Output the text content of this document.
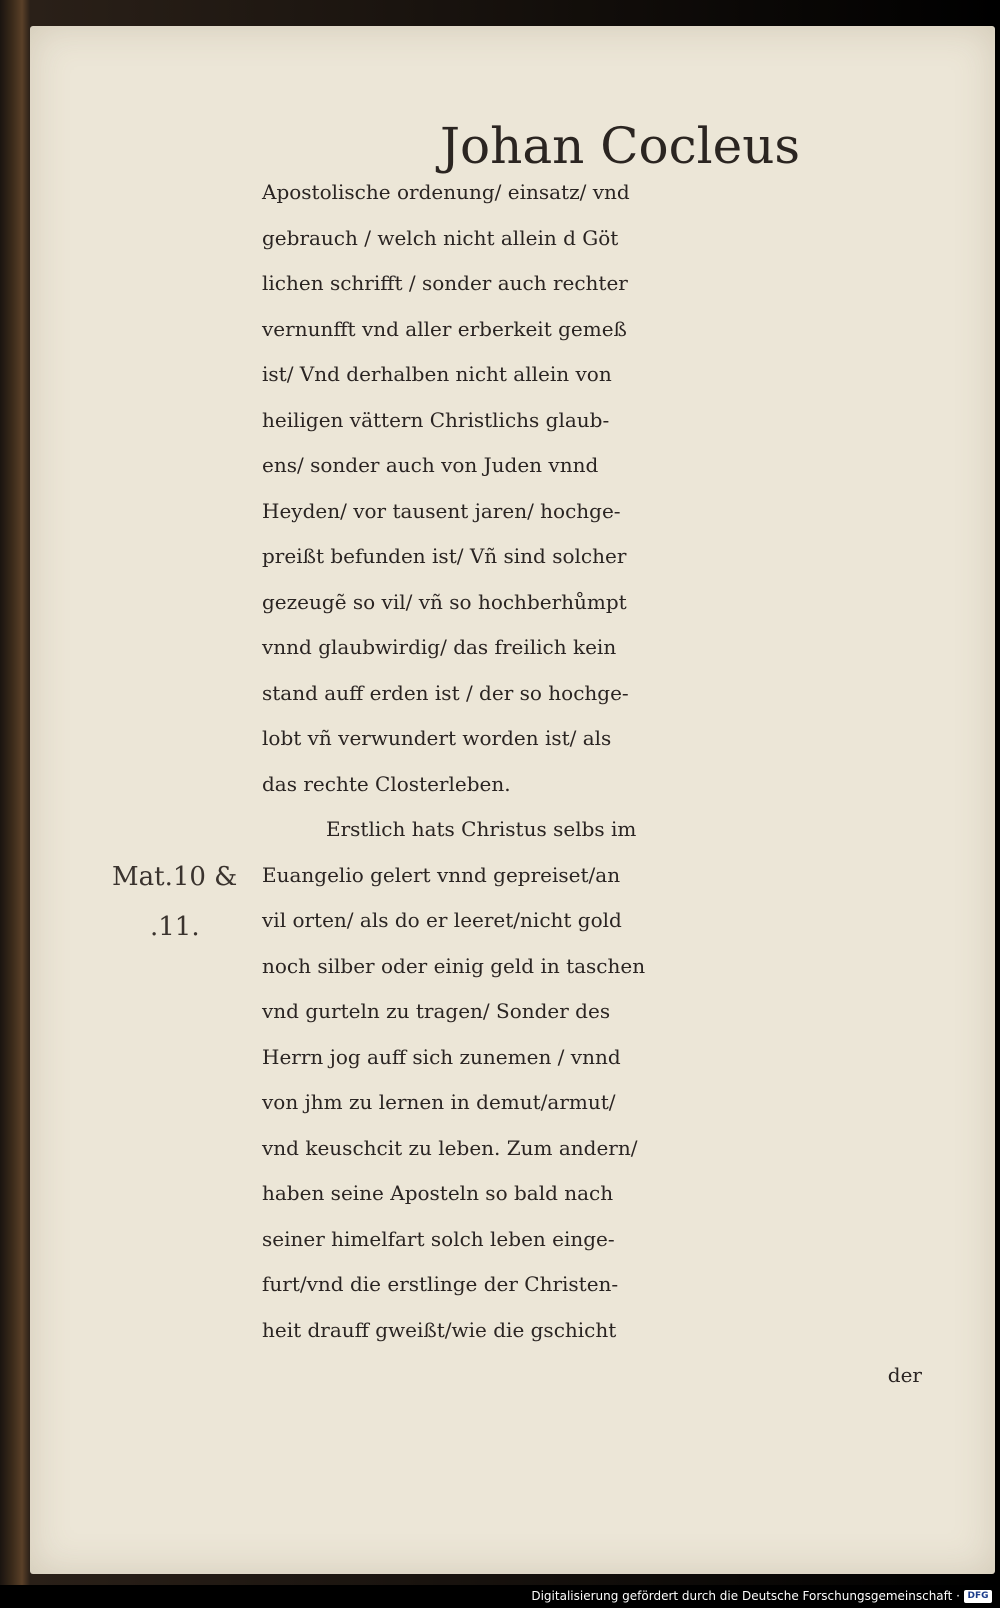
Johan Cocleus
Apostolische ordenung/ einsatz/ vnd
gebrauch / welch nicht allein d Göt
lichen schrifft / sonder auch rechter
vernunfft vnd aller erberkeit gemeß
ist/ Vnd derhalben nicht allein von
heiligen vättern Christlichs glaub-
ens/ sonder auch von Juden vnnd
Heyden/ vor tausent jaren/ hochge-
preißt befunden ist/ Vñ sind solcher
gezeugẽ so vil/ vñ so hochberhůmpt
vnnd glaubwirdig/ das freilich kein
stand auff erden ist / der so hochge-
lobt vñ verwundert worden ist/ als
das rechte Closterleben.
Erstlich hats Christus selbs im
Euangelio gelert vnnd gepreiset/an
vil orten/ als do er leeret/nicht gold
noch silber oder einig geld in taschen
vnd gurteln zu tragen/ Sonder des
Herrn jog auff sich zunemen / vnnd
von jhm zu lernen in demut/armut/
vnd keuschcit zu leben. Zum andern/
haben seine Aposteln so bald nach
seiner himelfart solch leben einge-
furt/vnd die erstlinge der Christen-
heit drauff gweißt/wie die gschicht
der
Mat.10 &
.11.
Digitalisierung gefördert durch die Deutsche Forschungsgemeinschaft · DFG
